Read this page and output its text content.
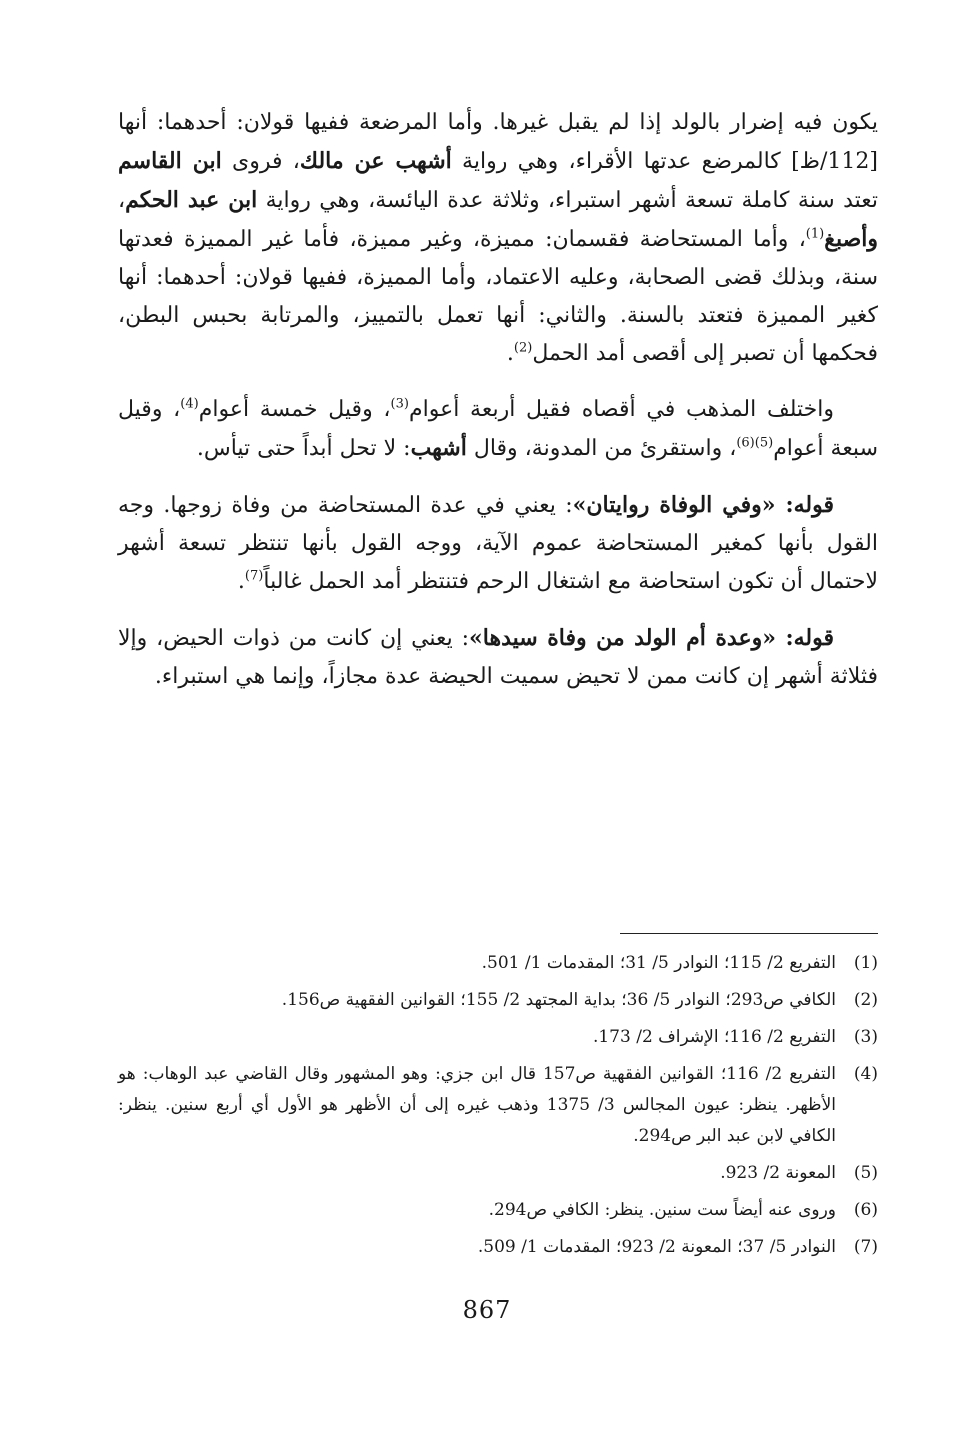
يكون فيه إضرار بالولد إذا لم يقبل غيرها. وأما المرضعة ففيها قولان: أحدهما: أنها [112/ظ] كالمرضع عدتها الأقراء، وهي رواية أشهب عن مالك، فروى ابن القاسم تعتد سنة كاملة تسعة أشهر استبراء، وثلاثة عدة اليائسة، وهي رواية ابن عبد الحكم، وأصبغ$^{(1)}$، وأما المستحاضة فقسمان: مميزة، وغير مميزة، فأما غير المميزة فعدتها سنة، وبذلك قضى الصحابة، وعليه الاعتماد، وأما المميزة، ففيها قولان: أحدهما: أنها كغير المميزة فتعتد بالسنة. والثاني: أنها تعمل بالتمييز، والمرتابة بحبس البطن، فحكمها أن تصبر إلى أقصى أمد الحمل$^{(2)}$.

واختلف المذهب في أقصاه فقيل أربعة أعوام$^{(3)}$، وقيل خمسة أعوام$^{(4)}$، وقيل سبعة أعوام$^{(5)(6)}$، واستقرئ من المدونة، وقال أشهب: لا تحل أبداً حتى تيأس.

قوله: «وفي الوفاة روايتان»: يعني في عدة المستحاضة من وفاة زوجها. وجه القول بأنها كمغير المستحاضة عموم الآية، ووجه القول بأنها تنتظر تسعة أشهر لاحتمال أن تكون استحاضة مع اشتغال الرحم فتنتظر أمد الحمل غالباً$^{(7)}$.

قوله: «وعدة أم الولد من وفاة سيدها»: يعني إن كانت من ذوات الحيض، وإلا فثلاثة أشهر إن كانت ممن لا تحيض سميت الحيضة عدة مجازاً، وإنما هي استبراء.

(1)
التفريع 2/ 115؛ النوادر 5/ 31؛ المقدمات 1/ 501.
(2)
الكافي ص293؛ النوادر 5/ 36؛ بداية المجتهد 2/ 155؛ القوانين الفقهية ص156.
(3)
التفريع 2/ 116؛ الإشراف 2/ 173.
(4)
التفريع 2/ 116؛ القوانين الفقهية ص157 قال ابن جزي: وهو المشهور وقال القاضي عبد الوهاب: هو الأظهر. ينظر: عيون المجالس 3/ 1375 وذهب غيره إلى أن الأظهر هو الأول أي أربع سنين. ينظر: الكافي لابن عبد البر ص294.
(5)
المعونة 2/ 923.
(6)
وروى عنه أيضاً ست سنين. ينظر: الكافي ص294.
(7)
النوادر 5/ 37؛ المعونة 2/ 923؛ المقدمات 1/ 509.
867
